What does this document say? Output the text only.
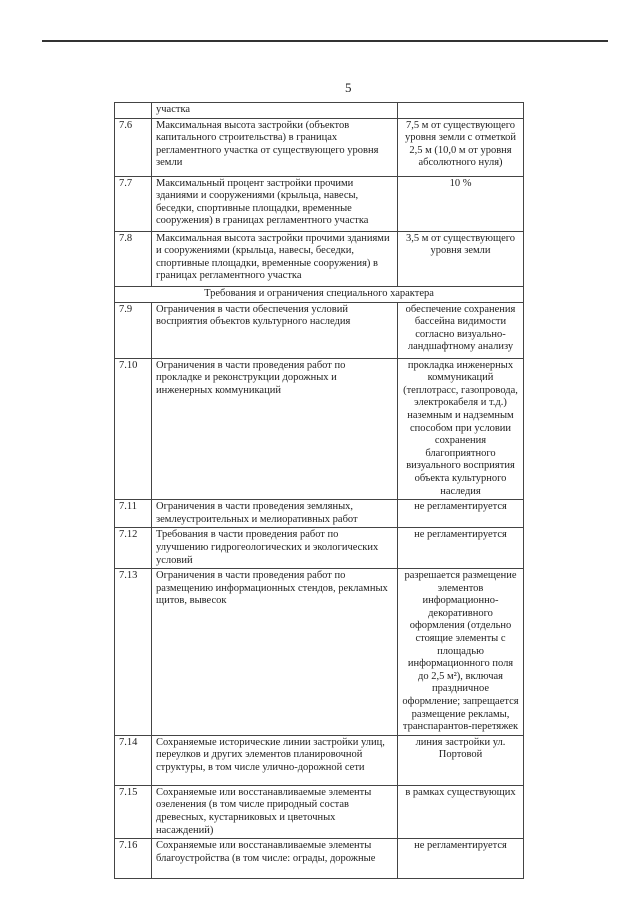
5
	участка	
7.6	Максимальная высота застройки (объектов капитального строительства) в границах регламентного участка от существующего уровня земли	7,5 м от существующего уровня земли с отметкой 2,5 м (10,0 м от уровня абсолютного нуля)
7.7	Максимальный процент застройки прочими зданиями и сооружениями (крыльца, навесы, беседки, спортивные площадки, временные сооружения) в границах регламентного участка	10 %
7.8	Максимальная высота застройки прочими зданиями и сооружениями (крыльца, навесы, беседки, спортивные площадки, временные сооружения) в границах регламентного участка	3,5 м от существующего уровня земли
Требования и ограничения специального характера		
7.9	Ограничения в части обеспечения условий восприятия объектов культурного наследия	обеспечение сохранения бассейна видимости согласно визуально-ландшафтному анализу
7.10	Ограничения в части проведения работ по прокладке и реконструкции дорожных и инженерных коммуникаций	прокладка инженерных коммуникаций (теплотрасс, газопровода, электрокабеля и т.д.) наземным и надземным способом при условии сохранения благоприятного визуального восприятия объекта культурного наследия
7.11	Ограничения в части проведения земляных, землеустроительных и мелиоративных работ	не регламентируется
7.12	Требования в части проведения работ по улучшению гидрогеологических и экологических условий	не регламентируется
7.13	Ограничения в части проведения работ по размещению информационных стендов, рекламных щитов, вывесок	разрешается размещение элементов информационно-декоративного оформления (отдельно стоящие элементы с площадью информационного поля до 2,5 м²), включая праздничное оформление; запрещается размещение рекламы, транспарантов-перетяжек
7.14	Сохраняемые исторические линии застройки улиц, переулков и других элементов планировочной структуры, в том числе улично-дорожной сети	линия застройки ул. Портовой
7.15	Сохраняемые или восстанавливаемые элементы озеленения (в том числе природный состав древесных, кустарниковых и цветочных насаждений)	в рамках существующих
7.16	Сохраняемые или восстанавливаемые элементы благоустройства (в том числе: ограды, дорожные	не регламентируется
